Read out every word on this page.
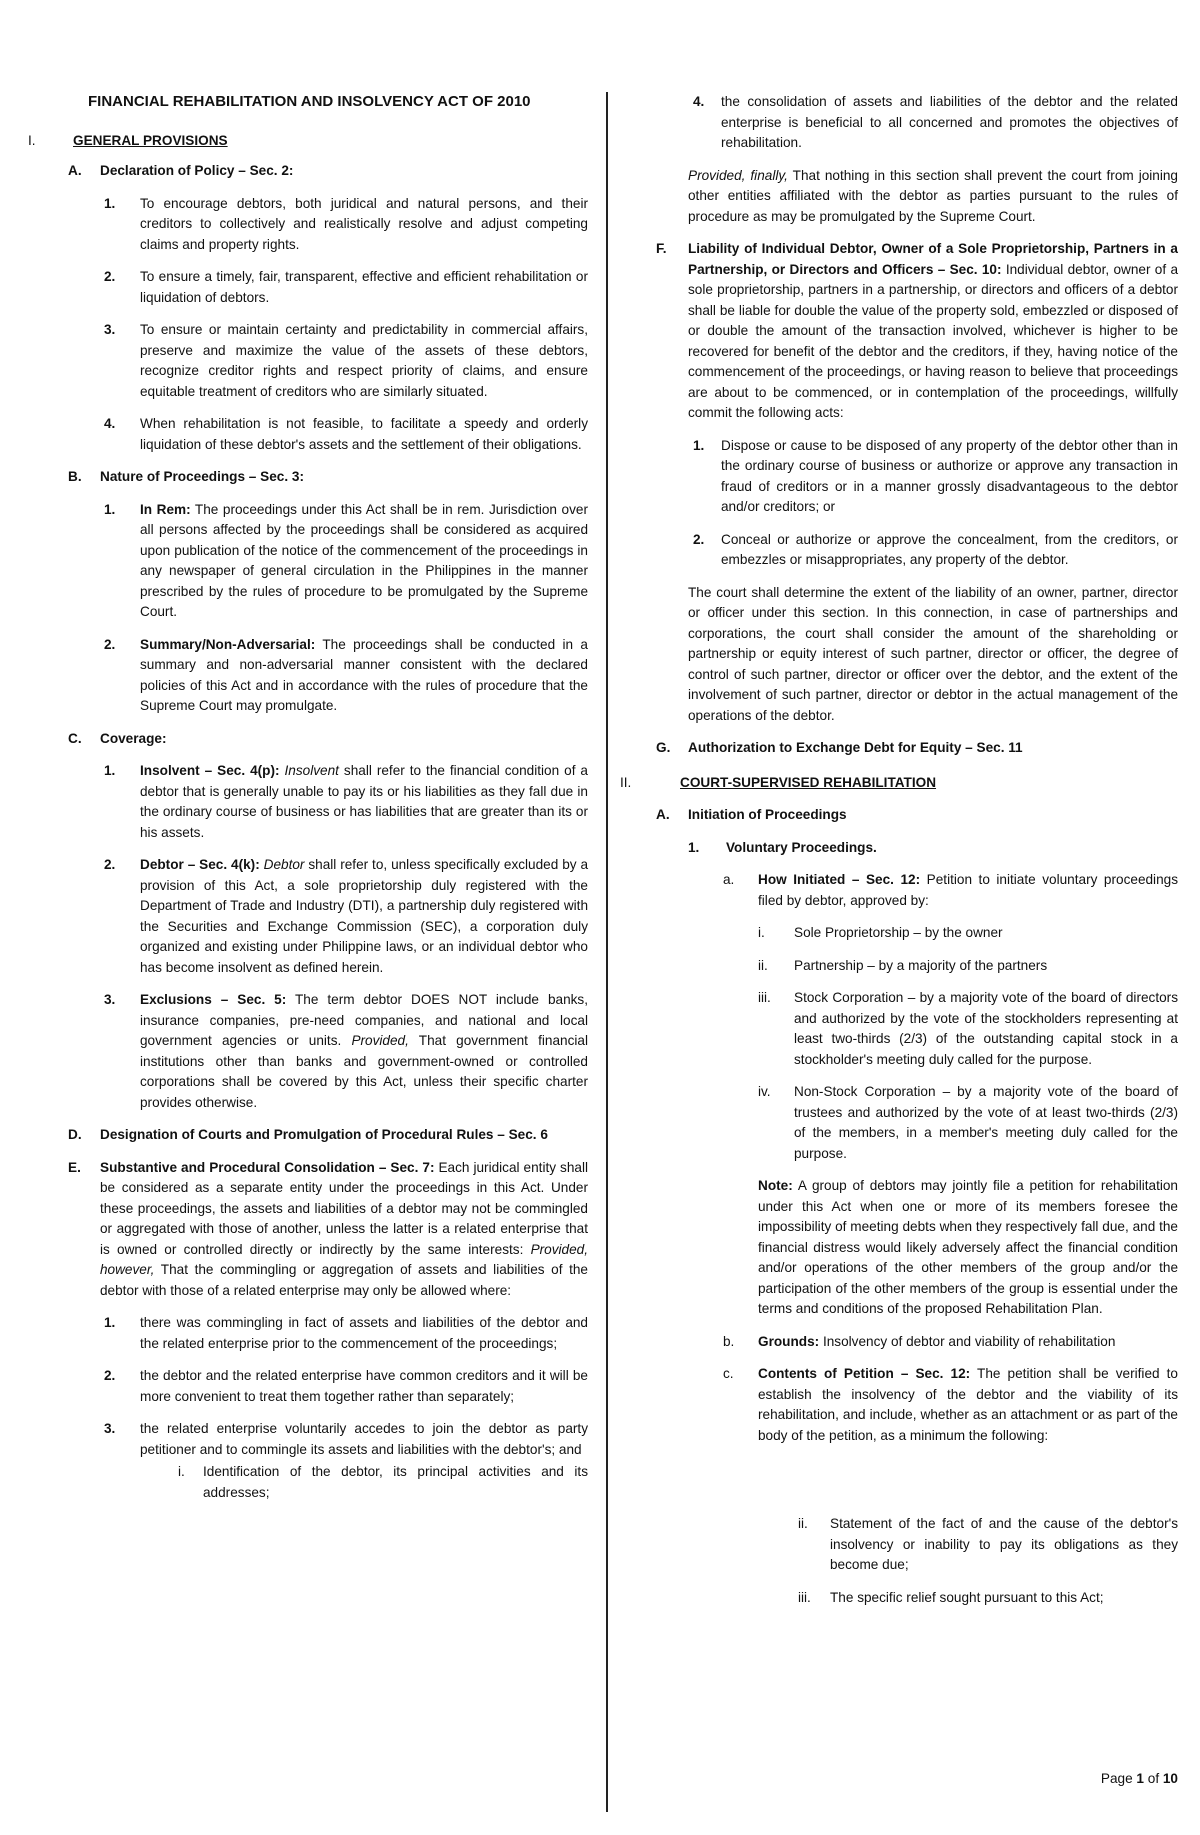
FINANCIAL REHABILITATION AND INSOLVENCY ACT OF 2010
I.	GENERAL PROVISIONS
A. Declaration of Policy – Sec. 2:
1. To encourage debtors, both juridical and natural persons, and their creditors to collectively and realistically resolve and adjust competing claims and property rights.
2. To ensure a timely, fair, transparent, effective and efficient rehabilitation or liquidation of debtors.
3. To ensure or maintain certainty and predictability in commercial affairs, preserve and maximize the value of the assets of these debtors, recognize creditor rights and respect priority of claims, and ensure equitable treatment of creditors who are similarly situated.
4. When rehabilitation is not feasible, to facilitate a speedy and orderly liquidation of these debtor's assets and the settlement of their obligations.
B. Nature of Proceedings – Sec. 3:
1. In Rem: The proceedings under this Act shall be in rem. Jurisdiction over all persons affected by the proceedings shall be considered as acquired upon publication of the notice of the commencement of the proceedings in any newspaper of general circulation in the Philippines in the manner prescribed by the rules of procedure to be promulgated by the Supreme Court.
2. Summary/Non-Adversarial: The proceedings shall be conducted in a summary and non-adversarial manner consistent with the declared policies of this Act and in accordance with the rules of procedure that the Supreme Court may promulgate.
C. Coverage:
1. Insolvent – Sec. 4(p): Insolvent shall refer to the financial condition of a debtor that is generally unable to pay its or his liabilities as they fall due in the ordinary course of business or has liabilities that are greater than its or his assets.
2. Debtor – Sec. 4(k): Debtor shall refer to, unless specifically excluded by a provision of this Act, a sole proprietorship duly registered with the Department of Trade and Industry (DTI), a partnership duly registered with the Securities and Exchange Commission (SEC), a corporation duly organized and existing under Philippine laws, or an individual debtor who has become insolvent as defined herein.
3. Exclusions – Sec. 5: The term debtor DOES NOT include banks, insurance companies, pre-need companies, and national and local government agencies or units. Provided, That government financial institutions other than banks and government-owned or controlled corporations shall be covered by this Act, unless their specific charter provides otherwise.
D. Designation of Courts and Promulgation of Procedural Rules – Sec. 6
E. Substantive and Procedural Consolidation – Sec. 7: Each juridical entity shall be considered as a separate entity under the proceedings in this Act. Under these proceedings, the assets and liabilities of a debtor may not be commingled or aggregated with those of another, unless the latter is a related enterprise that is owned or controlled directly or indirectly by the same interests: Provided, however, That the commingling or aggregation of assets and liabilities of the debtor with those of a related enterprise may only be allowed where:
1. there was commingling in fact of assets and liabilities of the debtor and the related enterprise prior to the commencement of the proceedings;
2. the debtor and the related enterprise have common creditors and it will be more convenient to treat them together rather than separately;
3. the related enterprise voluntarily accedes to join the debtor as party petitioner and to commingle its assets and liabilities with the debtor's; and
i. Identification of the debtor, its principal activities and its addresses;
4. the consolidation of assets and liabilities of the debtor and the related enterprise is beneficial to all concerned and promotes the objectives of rehabilitation.
Provided, finally, That nothing in this section shall prevent the court from joining other entities affiliated with the debtor as parties pursuant to the rules of procedure as may be promulgated by the Supreme Court.
F. Liability of Individual Debtor, Owner of a Sole Proprietorship, Partners in a Partnership, or Directors and Officers – Sec. 10: Individual debtor, owner of a sole proprietorship, partners in a partnership, or directors and officers of a debtor shall be liable for double the value of the property sold, embezzled or disposed of or double the amount of the transaction involved, whichever is higher to be recovered for benefit of the debtor and the creditors, if they, having notice of the commencement of the proceedings, or having reason to believe that proceedings are about to be commenced, or in contemplation of the proceedings, willfully commit the following acts:
1. Dispose or cause to be disposed of any property of the debtor other than in the ordinary course of business or authorize or approve any transaction in fraud of creditors or in a manner grossly disadvantageous to the debtor and/or creditors; or
2. Conceal or authorize or approve the concealment, from the creditors, or embezzles or misappropriates, any property of the debtor.
The court shall determine the extent of the liability of an owner, partner, director or officer under this section. In this connection, in case of partnerships and corporations, the court shall consider the amount of the shareholding or partnership or equity interest of such partner, director or officer, the degree of control of such partner, director or officer over the debtor, and the extent of the involvement of such partner, director or debtor in the actual management of the operations of the debtor.
G. Authorization to Exchange Debt for Equity – Sec. 11
II.	COURT-SUPERVISED REHABILITATION
A. Initiation of Proceedings
1. Voluntary Proceedings.
a. How Initiated – Sec. 12: Petition to initiate voluntary proceedings filed by debtor, approved by:
i. Sole Proprietorship – by the owner
ii. Partnership – by a majority of the partners
iii. Stock Corporation – by a majority vote of the board of directors and authorized by the vote of the stockholders representing at least two-thirds (2/3) of the outstanding capital stock in a stockholder's meeting duly called for the purpose.
iv. Non-Stock Corporation – by a majority vote of the board of trustees and authorized by the vote of at least two-thirds (2/3) of the members, in a member's meeting duly called for the purpose.
Note: A group of debtors may jointly file a petition for rehabilitation under this Act when one or more of its members foresee the impossibility of meeting debts when they respectively fall due, and the financial distress would likely adversely affect the financial condition and/or operations of the other members of the group and/or the participation of the other members of the group is essential under the terms and conditions of the proposed Rehabilitation Plan.
b. Grounds: Insolvency of debtor and viability of rehabilitation
c. Contents of Petition – Sec. 12: The petition shall be verified to establish the insolvency of the debtor and the viability of its rehabilitation, and include, whether as an attachment or as part of the body of the petition, as a minimum the following:
ii. Statement of the fact of and the cause of the debtor's insolvency or inability to pay its obligations as they become due;
iii. The specific relief sought pursuant to this Act;
Page 1 of 10
